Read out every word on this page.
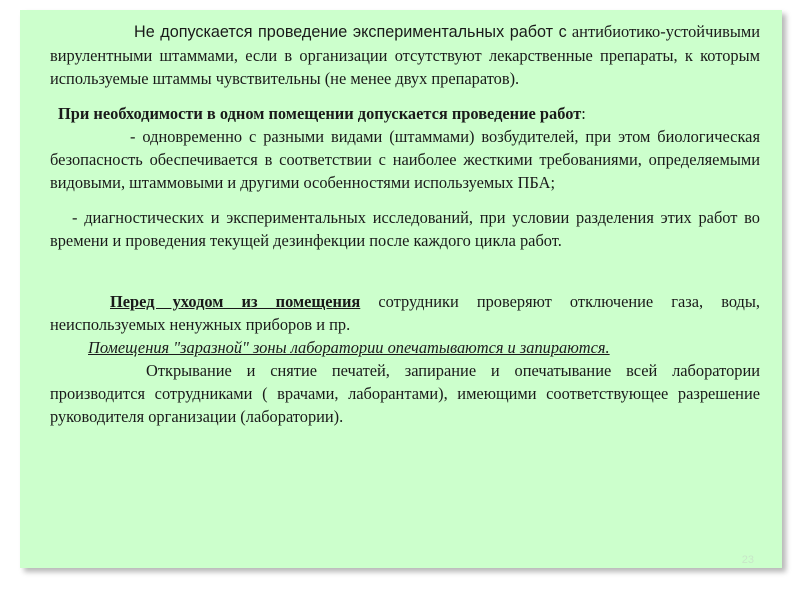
Не допускается проведение экспериментальных работ с антибиотико-устойчивыми вирулентными штаммами, если в организации отсутствуют лекарственные препараты, к которым используемые штаммы чувствительны (не менее двух препаратов).

При необходимости в одном помещении допускается проведение работ:

- одновременно с разными видами (штаммами) возбудителей, при этом биологическая безопасность обеспечивается в соответствии с наиболее жесткими требованиями, определяемыми видовыми, штаммовыми и другими особенностями используемых ПБА;

- диагностических и экспериментальных исследований, при условии разделения этих работ во времени и проведения текущей дезинфекции после каждого цикла работ.

Перед уходом из помещения сотрудники проверяют отключение газа, воды, неиспользуемых ненужных приборов и пр.

Помещения "заразной" зоны лаборатории опечатываются и запираются.

Открывание и снятие печатей, запирание и опечатывание всей лаборатории производится сотрудниками ( врачами, лаборантами), имеющими соответствующее разрешение руководителя организации (лаборатории).

23
